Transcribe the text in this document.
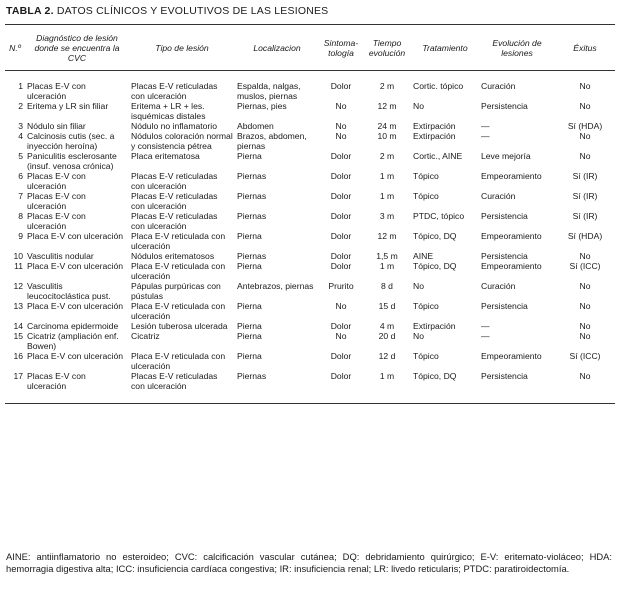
TABLA 2. DATOS CLÍNICOS Y EVOLUTIVOS DE LAS LESIONES
N.º	Diagnóstico de lesión donde se encuentra la CVC	Tipo de lesión	Localizacion	Sintoma-tología	Tiempo evolución	Tratamiento	Evolución de lesiones	Éxitus
1	Placas E-V con ulceración	Placas E-V reticuladas con ulceración	Espalda, nalgas, muslos, piernas	Dolor	2 m	Cortic. tópico	Curación	No
2	Eritema y LR sin filiar	Eritema + LR + les. isquémicas distales	Piernas, pies	No	12 m	No	Persistencia	No
3	Nódulo sin filiar	Nódulo no inflamatorio	Abdomen	No	24 m	Extirpación	—	Sí (HDA)
4	Calcinosis cutis (sec. a inyección heroína)	Nódulos coloración normal y consistencia pétrea	Brazos, abdomen, piernas	No	10 m	Extirpación	—	No
5	Paniculitis esclerosante (insuf. venosa crónica)	Placa eritematosa	Pierna	Dolor	2 m	Cortic., AINE	Leve mejoría	No
6	Placas E-V con ulceración	Placas E-V reticuladas con ulceración	Piernas	Dolor	1 m	Tópico	Empeoramiento	Sí (IR)
7	Placas E-V con ulceración	Placas E-V reticuladas con ulceración	Piernas	Dolor	1 m	Tópico	Curación	Sí (IR)
8	Placas E-V con ulceración	Placas E-V reticuladas con ulceración	Piernas	Dolor	3 m	PTDC, tópico	Persistencia	Sí (IR)
9	Placa E-V con ulceración	Placa E-V reticulada con ulceración	Pierna	Dolor	12 m	Tópico, DQ	Empeoramiento	Sí (HDA)
10	Vasculitis nodular	Nódulos eritematosos	Piernas	Dolor	1,5 m	AINE	Persistencia	No
11	Placa E-V con ulceración	Placa E-V reticulada con ulceración	Pierna	Dolor	1 m	Tópico, DQ	Empeoramiento	Sí (ICC)
12	Vasculitis leucocitoclástica pust.	Pápulas purpúricas con pústulas	Antebrazos, piernas	Prurito	8 d	No	Curación	No
13	Placa E-V con ulceración	Placa E-V reticulada con ulceración	Pierna	No	15 d	Tópico	Persistencia	No
14	Carcinoma epidermoide	Lesión tuberosa ulcerada	Pierna	Dolor	4 m	Extirpación	—	No
15	Cicatriz (ampliación enf. Bowen)	Cicatriz	Pierna	No	20 d	No	—	No
16	Placa E-V con ulceración	Placa E-V reticulada con ulceración	Pierna	Dolor	12 d	Tópico	Empeoramiento	Sí (ICC)
17	Placas E-V con ulceración	Placas E-V reticuladas con ulceración	Piernas	Dolor	1 m	Tópico, DQ	Persistencia	No
AINE: antiinflamatorio no esteroideo; CVC: calcificación vascular cutánea; DQ: debridamiento quirúrgico; E-V: eritemato-violáceo; HDA: hemorragia digestiva alta; ICC: insuficiencia cardíaca congestiva; IR: insuficiencia renal; LR: livedo reticularis; PTDC: paratiroidectomía.
